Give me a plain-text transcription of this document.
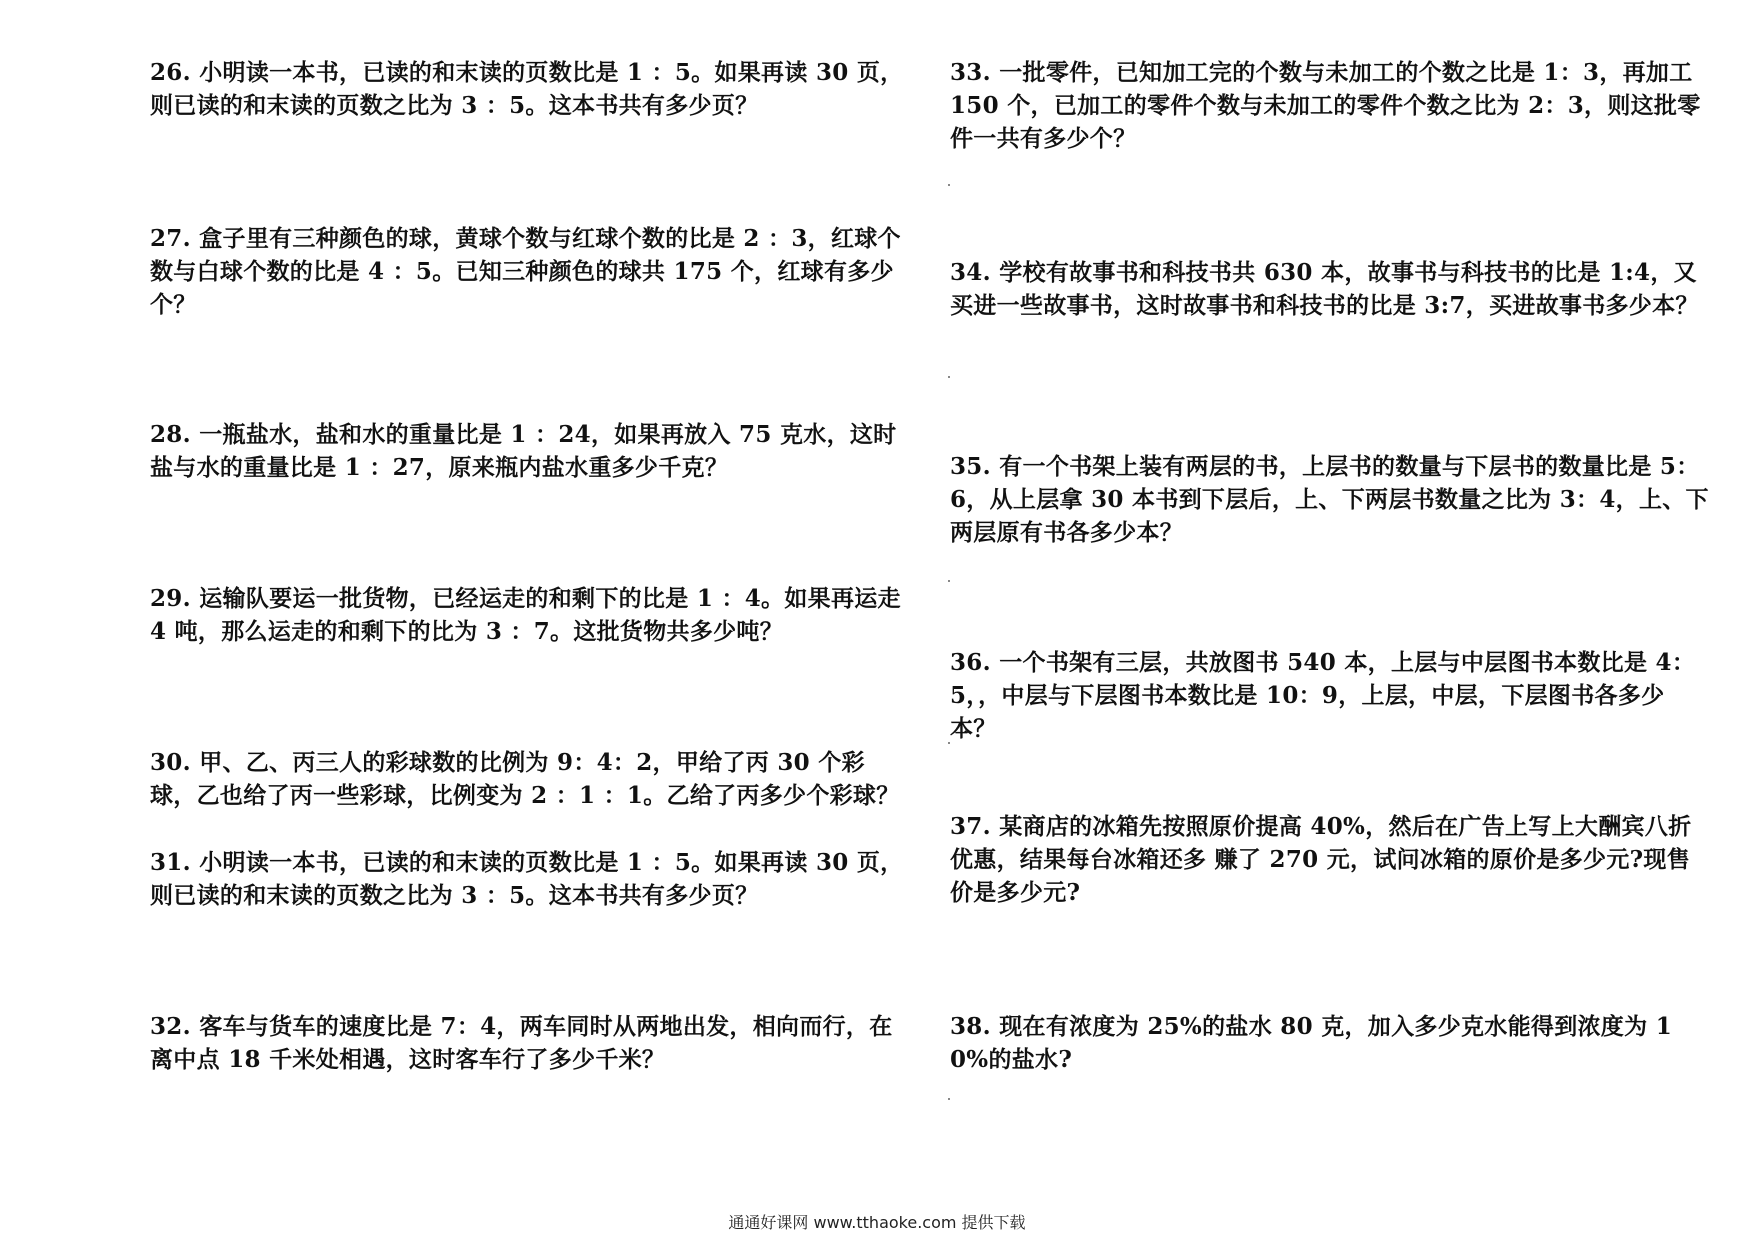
26. 小明读一本书，已读的和末读的页数比是 1 ：5。如果再读 30 页，则已读的和末读的页数之比为 3 ：5。这本书共有多少页？
27. 盒子里有三种颜色的球，黄球个数与红球个数的比是 2 ：3，红球个数与白球个数的比是 4 ：5。已知三种颜色的球共 175 个，红球有多少个？
28. 一瓶盐水，盐和水的重量比是 1 ：24，如果再放入 75 克水，这时盐与水的重量比是 1 ：27，原来瓶内盐水重多少千克？
29. 运输队要运一批货物，已经运走的和剩下的比是 1 ：4。如果再运走 4 吨，那么运走的和剩下的比为 3 ：7。这批货物共多少吨？
30. 甲、乙、丙三人的彩球数的比例为 9：4：2，甲给了丙 30 个彩球，乙也给了丙一些彩球，比例变为 2 ：1 ：1。乙给了丙多少个彩球？
31. 小明读一本书，已读的和末读的页数比是 1 ：5。如果再读 30 页，则已读的和末读的页数之比为 3 ：5。这本书共有多少页？
32. 客车与货车的速度比是 7：4，两车同时从两地出发，相向而行，在离中点 18 千米处相遇，这时客车行了多少千米？
33. 一批零件，已知加工完的个数与未加工的个数之比是 1：3，再加工 150 个，已加工的零件个数与未加工的零件个数之比为 2：3，则这批零件一共有多少个？
34. 学校有故事书和科技书共 630 本，故事书与科技书的比是 1:4，又买进一些故事书，这时故事书和科技书的比是 3:7，买进故事书多少本？
35. 有一个书架上装有两层的书，上层书的数量与下层书的数量比是 5：6，从上层拿 30 本书到下层后，上、下两层书数量之比为 3：4，上、下两层原有书各多少本？
36. 一个书架有三层，共放图书 540 本，上层与中层图书本数比是 4：5，，中层与下层图书本数比是 10：9，上层，中层，下层图书各多少本？
37. 某商店的冰箱先按照原价提高 40%，然后在广告上写上大酬宾八折优惠，结果每台冰箱还多 赚了 270 元，试问冰箱的原价是多少元?现售价是多少元?
38. 现在有浓度为 25%的盐水 80 克，加入多少克水能得到浓度为 10%的盐水?
通通好课网 www.tthaoke.com 提供下载
